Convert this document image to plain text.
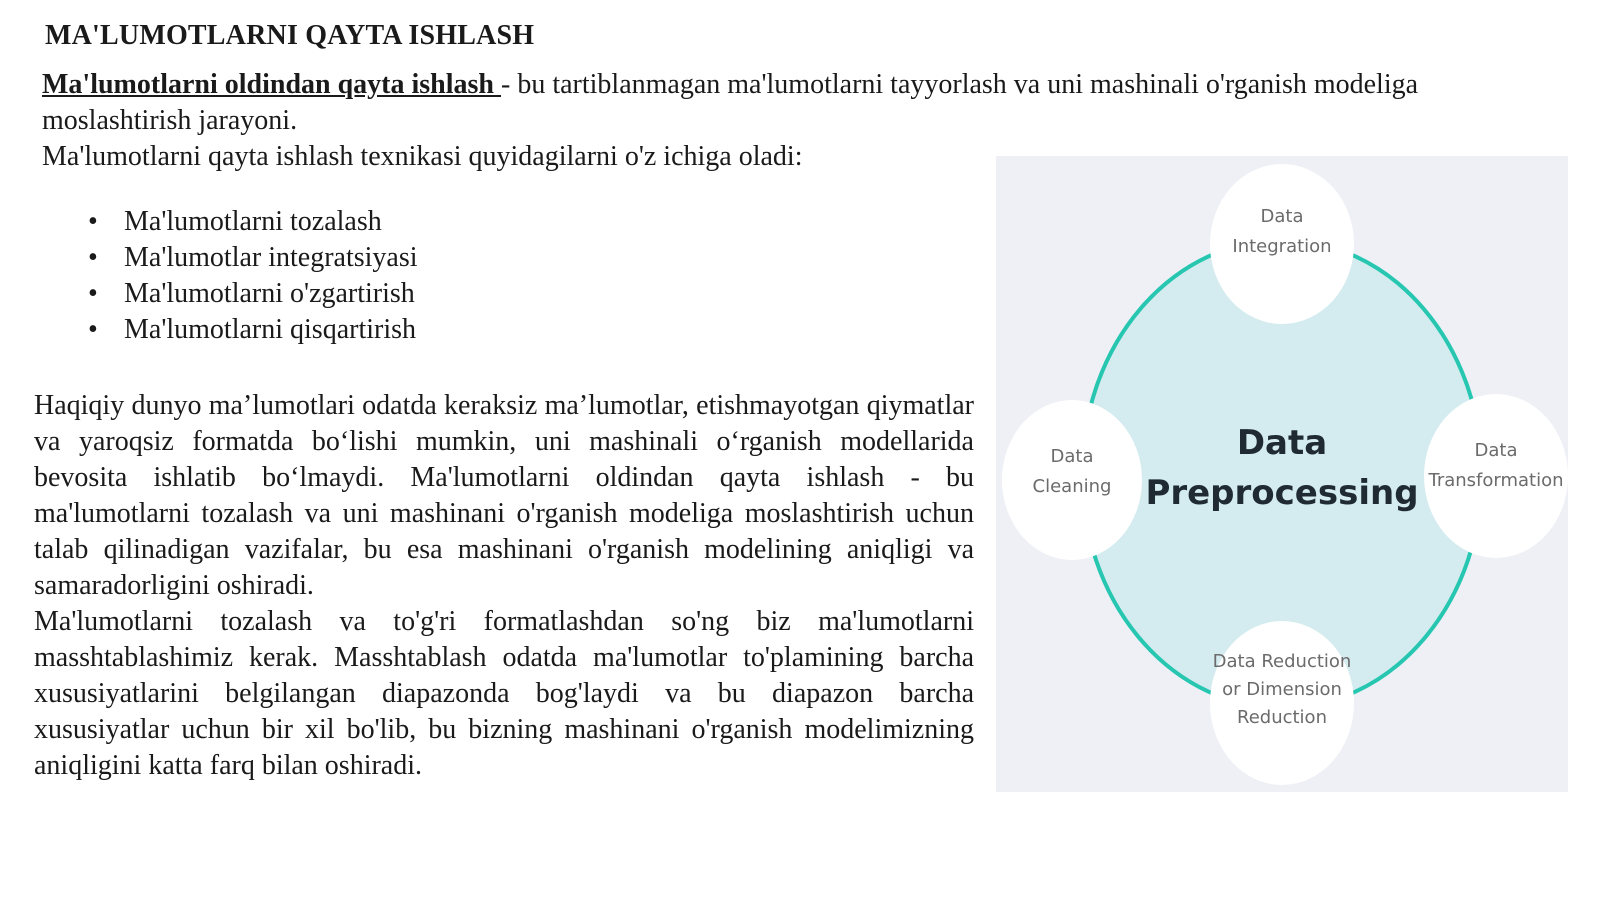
MA'LUMOTLARNI QAYTA ISHLASH
Ma'lumotlarni oldindan qayta ishlash - bu tartiblanmagan ma'lumotlarni tayyorlash va uni mashinali o'rganish modeliga moslashtirish jarayoni.
Ma'lumotlarni qayta ishlash texnikasi quyidagilarni o'z ichiga oladi:
• Ma'lumotlarni tozalash
• Ma'lumotlar integratsiyasi
• Ma'lumotlarni o'zgartirish
• Ma'lumotlarni qisqartirish

Haqiqiy dunyo ma’lumotlari odatda keraksiz ma’lumotlar, etishmayotgan qiymatlar va yaroqsiz formatda bo‘lishi mumkin, uni mashinali o‘rganish modellarida bevosita ishlatib bo‘lmaydi. Ma'lumotlarni oldindan qayta ishlash - bu ma'lumotlarni tozalash va uni mashinani o'rganish modeliga moslashtirish uchun talab qilinadigan vazifalar, bu esa mashinani o'rganish modelining aniqligi va samaradorligini oshiradi.

Ma'lumotlarni tozalash va to'g'ri formatlashdan so'ng biz ma'lumotlarni masshtablashimiz kerak. Masshtablash odatda ma'lumotlar to'plamining barcha xususiyatlarini belgilangan diapazonda bog'laydi va bu diapazon barcha xususiyatlar uchun bir xil bo'lib, bu bizning mashinani o'rganish modelimizning aniqligini katta farq bilan oshiradi.

Data
Integration
Data
Cleaning
Data
Transformation
Data Reduction
or Dimension
Reduction
Data
Preprocessing
